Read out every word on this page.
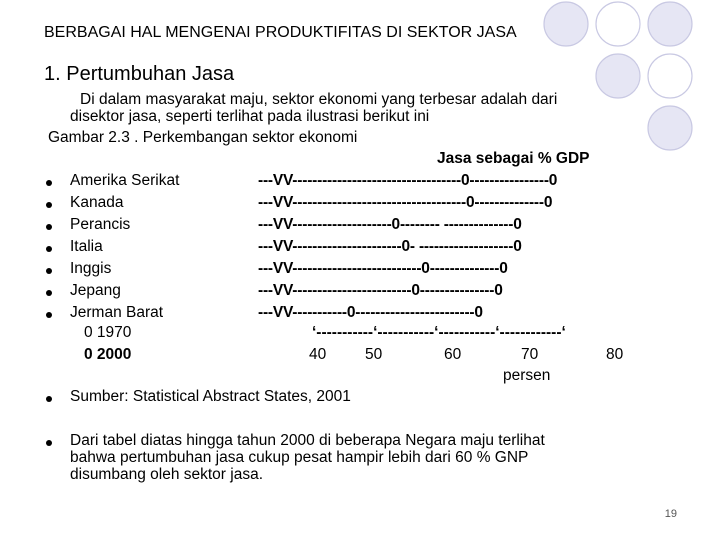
BERBAGAI HAL MENGENAI PRODUKTIFITAS DI SEKTOR JASA
1. Pertumbuhan Jasa
Di dalam masyarakat maju, sektor ekonomi yang terbesar adalah dari
disektor jasa, seperti terlihat pada ilustrasi berikut ini
Gambar 2.3 . Perkembangan sektor ekonomi
Jasa sebagai % GDP
Amerika Serikat	---VV----------------------------------0----------------0
Kanada	---VV-----------------------------------0--------------0
Perancis	---VV--------------------0-------- --------------0
Italia	---VV----------------------0- -------------------0
Inggis	---VV--------------------------0--------------0
Jepang	---VV------------------------0---------------0
Jerman Barat	---VV-----------0------------------------0
0 1970
0 2000
‘-----------‘-----------‘-----------‘------------‘
40	50	60	70	80
persen
Sumber: Statistical Abstract States, 2001
Dari tabel diatas hingga tahun 2000 di beberapa Negara maju terlihat
bahwa pertumbuhan jasa cukup pesat hampir lebih dari 60 % GNP
disumbang oleh sektor jasa.
19
